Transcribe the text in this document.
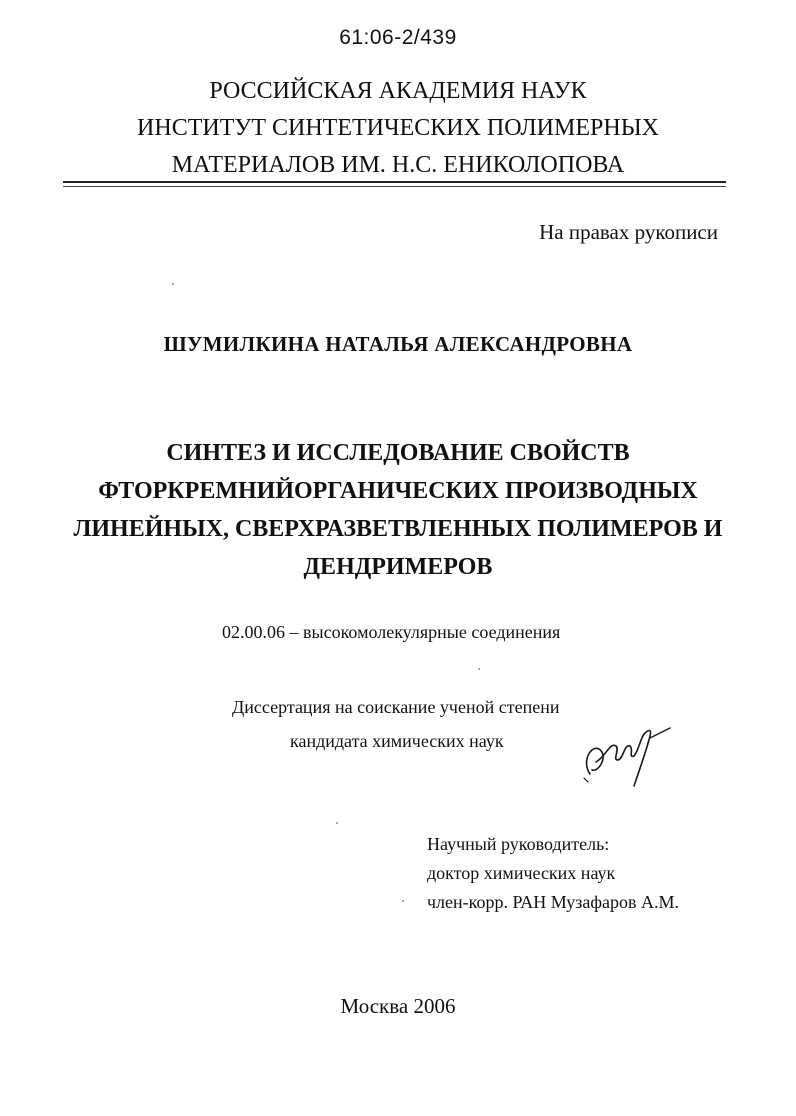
61:06-2/439
РОССИЙСКАЯ АКАДЕМИЯ НАУК
ИНСТИТУТ СИНТЕТИЧЕСКИХ ПОЛИМЕРНЫХ
МАТЕРИАЛОВ ИМ. Н.С. ЕНИКОЛОПОВА
На правах рукописи
ШУМИЛКИНА НАТАЛЬЯ АЛЕКСАНДРОВНА
СИНТЕЗ И ИССЛЕДОВАНИЕ СВОЙСТВ
ФТОРКРЕМНИЙОРГАНИЧЕСКИХ ПРОИЗВОДНЫХ
ЛИНЕЙНЫХ, СВЕРХРАЗВЕТВЛЕННЫХ ПОЛИМЕРОВ И
ДЕНДРИМЕРОВ
02.00.06 – высокомолекулярные соединения
Диссертация на соискание ученой степени
кандидата химических наук
Научный руководитель:
доктор химических наук
член-корр. РАН Музафаров А.М.
Москва 2006
